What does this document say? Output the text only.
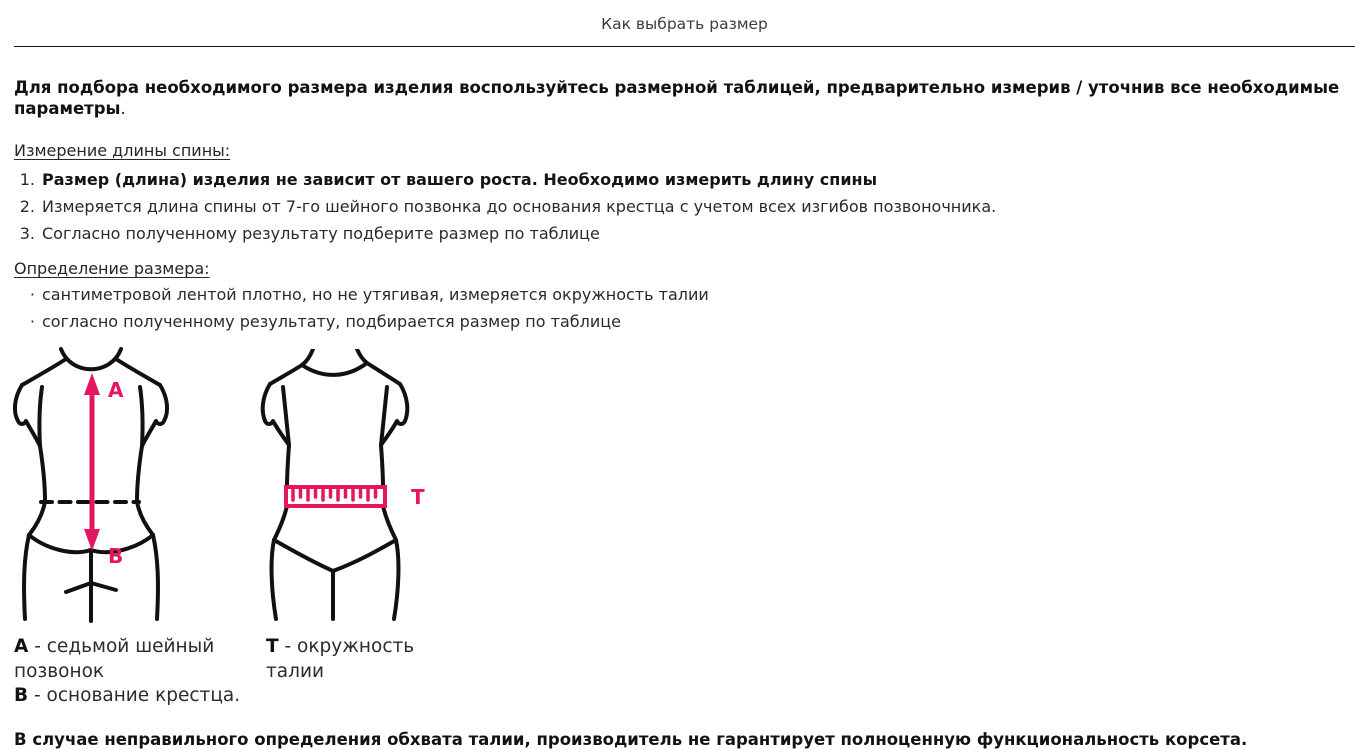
Как выбрать размер

Для подбора необходимого размера изделия воспользуйтесь размерной таблицей, предварительно измерив / уточнив все необходимые параметры.

Измерение длины спины:
1. Размер (длина) изделия не зависит от вашего роста. Необходимо измерить длину спины
2. Измеряется длина спины от 7-го шейного позвонка до основания крестца с учетом всех изгибов позвоночника.
3. Согласно полученному результату подберите размер по таблице
Определение размера:
· сантиметровой лентой плотно, но не утягивая, измеряется окружность талии
· согласно полученному результату, подбирается размер по таблице
A
B
T
A - седьмой шейный позвонок
B - основание крестца.
T - окружность талии

В случае неправильного определения обхвата талии, производитель не гарантирует полноценную функциональность корсета.
